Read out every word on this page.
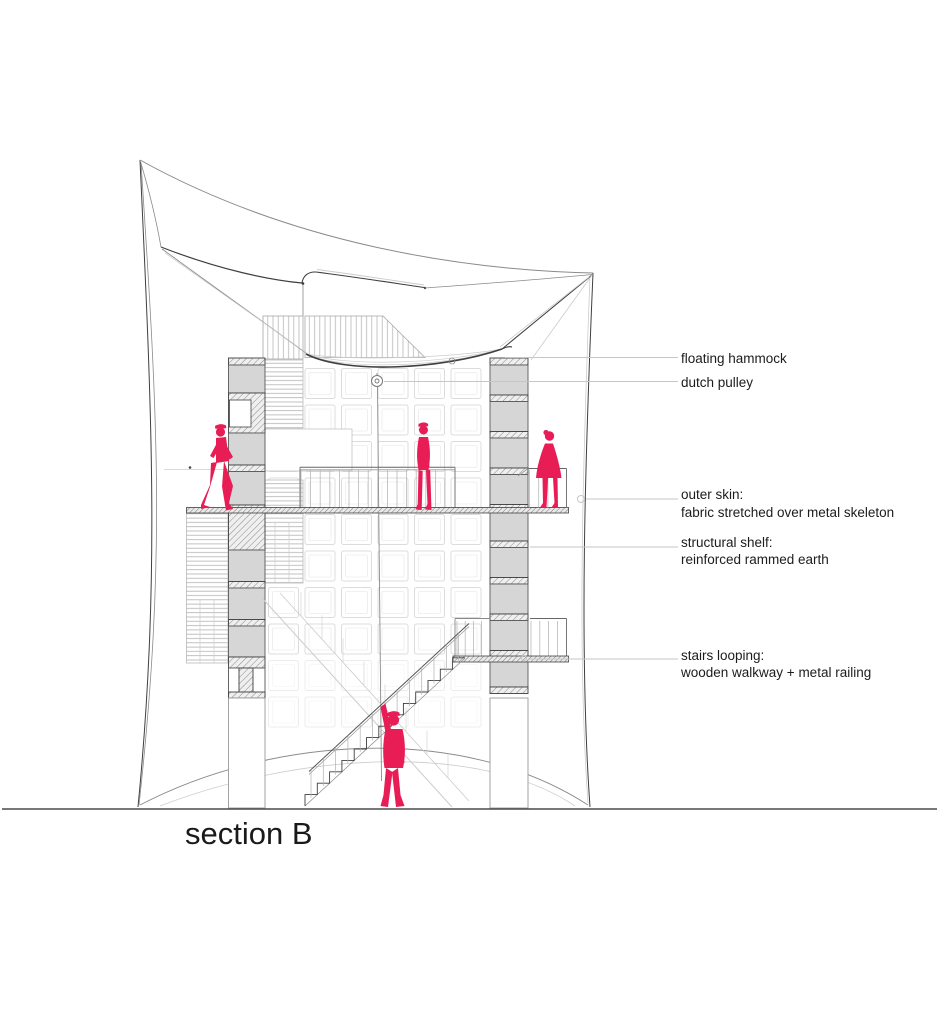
floating hammock
dutch pulley
outer skin:
fabric stretched over metal skeleton
structural shelf:
reinforced rammed earth
stairs looping:
wooden walkway + metal railing
section B
